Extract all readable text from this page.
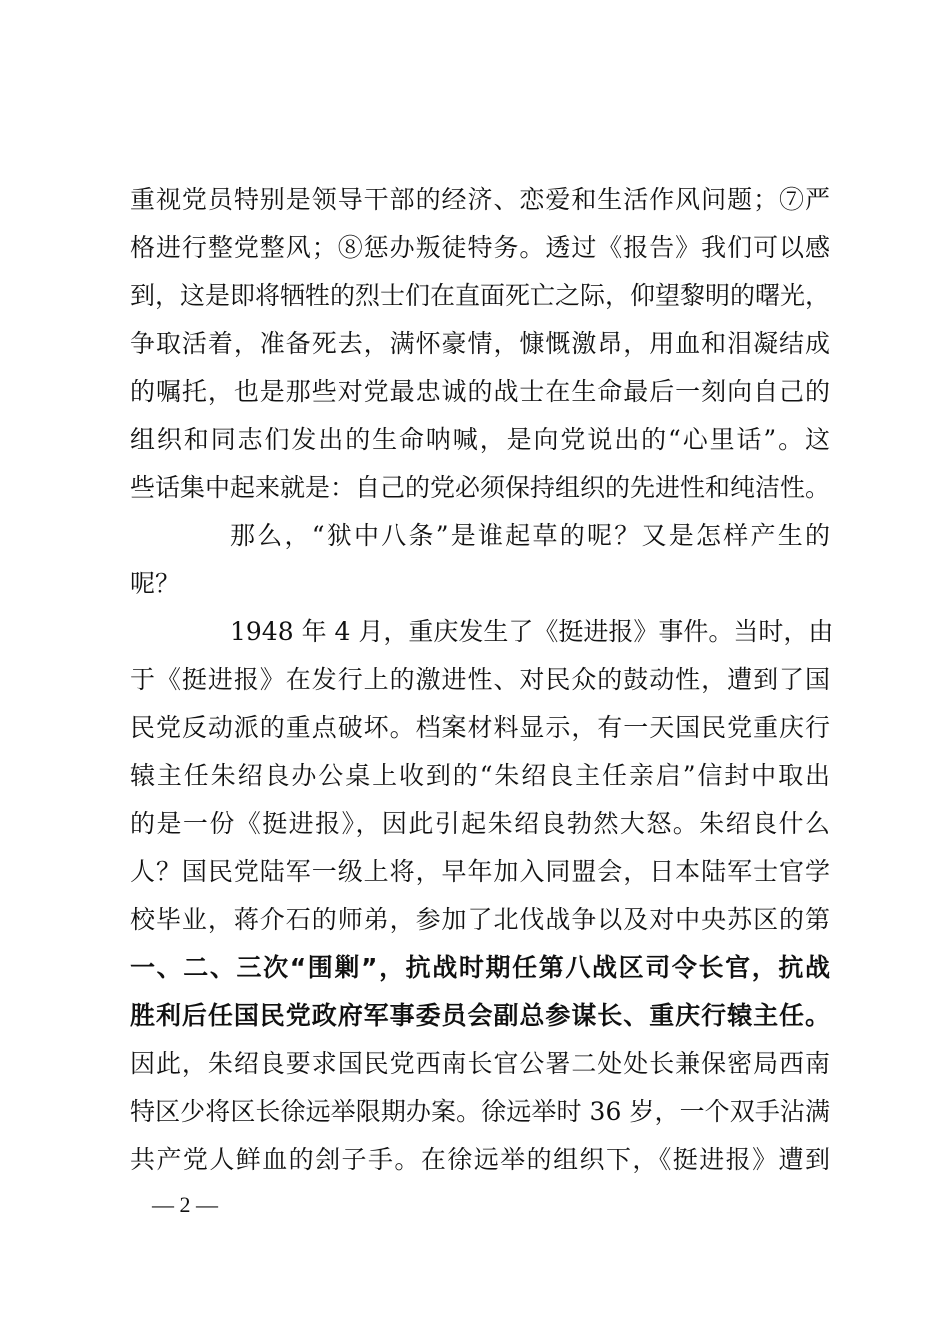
重视党员特别是领导干部的经济、恋爱和生活作风问题；⑦严
格进行整党整风；⑧惩办叛徒特务。透过《报告》我们可以感
到，这是即将牺牲的烈士们在直面死亡之际，仰望黎明的曙光，
争取活着，准备死去，满怀豪情，慷慨激昂，用血和泪凝结成
的嘱托，也是那些对党最忠诚的战士在生命最后一刻向自己的
组织和同志们发出的生命呐喊，是向党说出的“心里话”。这
些话集中起来就是：自己的党必须保持组织的先进性和纯洁性。
那么，“狱中八条”是谁起草的呢？又是怎样产生的
呢？
1948 年 4 月，重庆发生了《挺进报》事件。当时，由
于《挺进报》在发行上的激进性、对民众的鼓动性，遭到了国
民党反动派的重点破坏。档案材料显示，有一天国民党重庆行
辕主任朱绍良办公桌上收到的“朱绍良主任亲启”信封中取出
的是一份《挺进报》，因此引起朱绍良勃然大怒。朱绍良什么
人？国民党陆军一级上将，早年加入同盟会，日本陆军士官学
校毕业，蒋介石的师弟，参加了北伐战争以及对中央苏区的第
一、二、三次“围剿”，抗战时期任第八战区司令长官，抗战
胜利后任国民党政府军事委员会副总参谋长、重庆行辕主任。
因此，朱绍良要求国民党西南长官公署二处处长兼保密局西南
特区少将区长徐远举限期办案。徐远举时 36 岁，一个双手沾满
共产党人鲜血的刽子手。在徐远举的组织下，《挺进报》遭到
— 2 —
